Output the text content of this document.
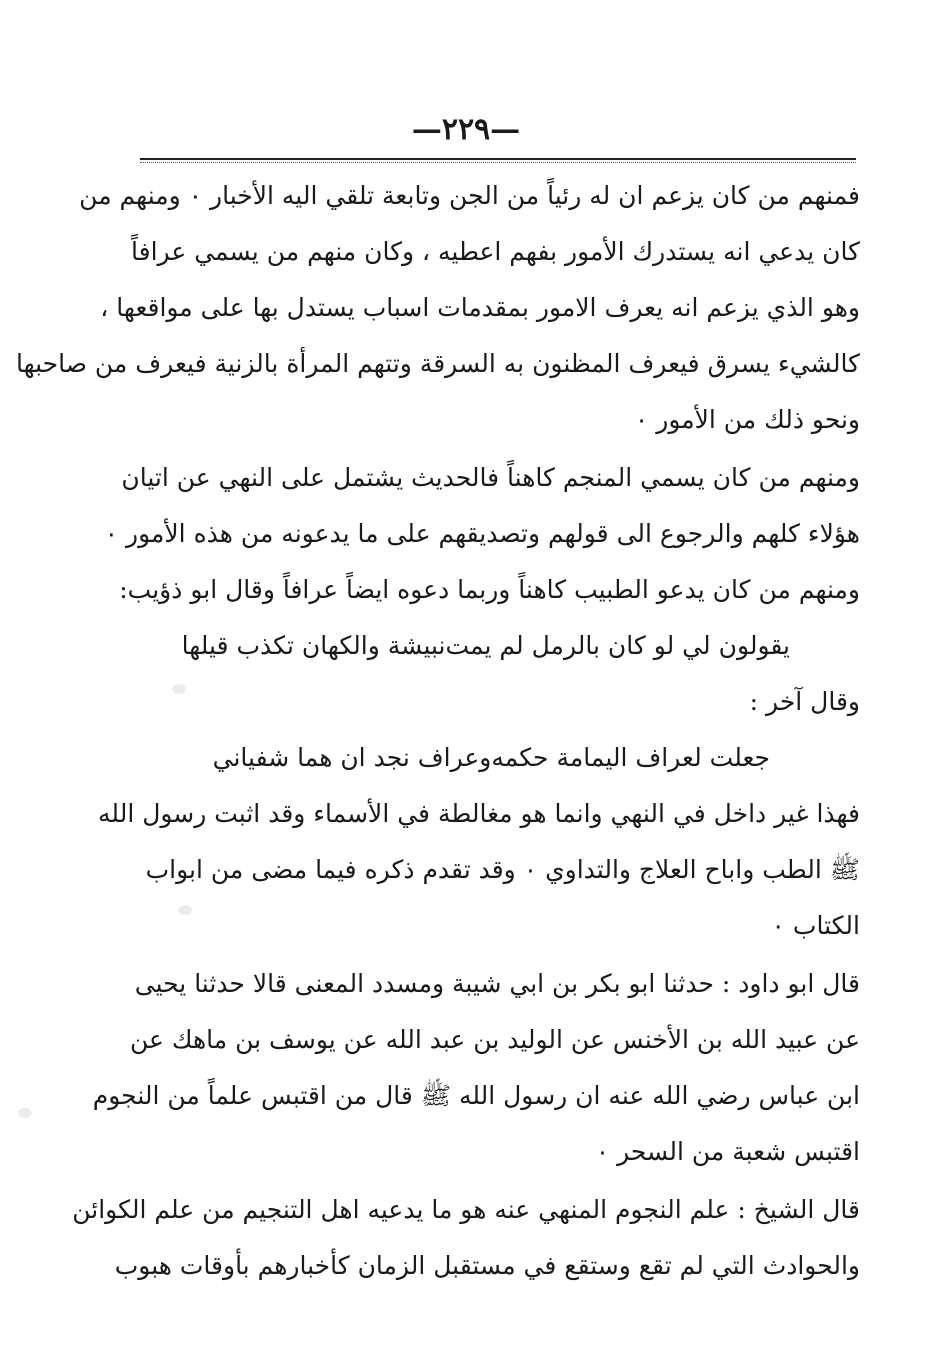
—٢٢٩—
فمنهم من كان يزعم ان له رئياً من الجن وتابعة تلقي اليه الأخبار ٠ ومنهم من
كان يدعي انه يستدرك الأمور بفهم اعطيه ، وكان منهم من يسمي عرافاً
وهو الذي يزعم انه يعرف الامور بمقدمات اسباب يستدل بها على مواقعها ،
كالشيء يسرق فيعرف المظنون به السرقة وتتهم المرأة بالزنية فيعرف من صاحبها
ونحو ذلك من الأمور ٠
ومنهم من كان يسمي المنجم كاهناً فالحديث يشتمل على النهي عن اتيان
هؤلاء كلهم والرجوع الى قولهم وتصديقهم على ما يدعونه من هذه الأمور ٠
ومنهم من كان يدعو الطبيب كاهناً وربما دعوه ايضاً عرافاً وقال ابو ذؤيب:
يقولون لي لو كان بالرمل لم يمت
نبيشة والكهان تكذب قيلها
وقال آخر :
جعلت لعراف اليمامة حكمه
وعراف نجد ان هما شفياني
فهذا غير داخل في النهي وانما هو مغالطة في الأسماء وقد اثبت رسول الله
ﷺ الطب واباح العلاج والتداوي ٠ وقد تقدم ذكره فيما مضى من ابواب
الكتاب ٠
قال ابو داود : حدثنا ابو بكر بن ابي شيبة ومسدد المعنى قالا حدثنا يحيى
عن عبيد الله بن الأخنس عن الوليد بن عبد الله عن يوسف بن ماهك عن
ابن عباس رضي الله عنه ان رسول الله ﷺ قال من اقتبس علماً من النجوم
اقتبس شعبة من السحر ٠
قال الشيخ : علم النجوم المنهي عنه هو ما يدعيه اهل التنجيم من علم الكوائن
والحوادث التي لم تقع وستقع في مستقبل الزمان كأخبارهم بأوقات هبوب
